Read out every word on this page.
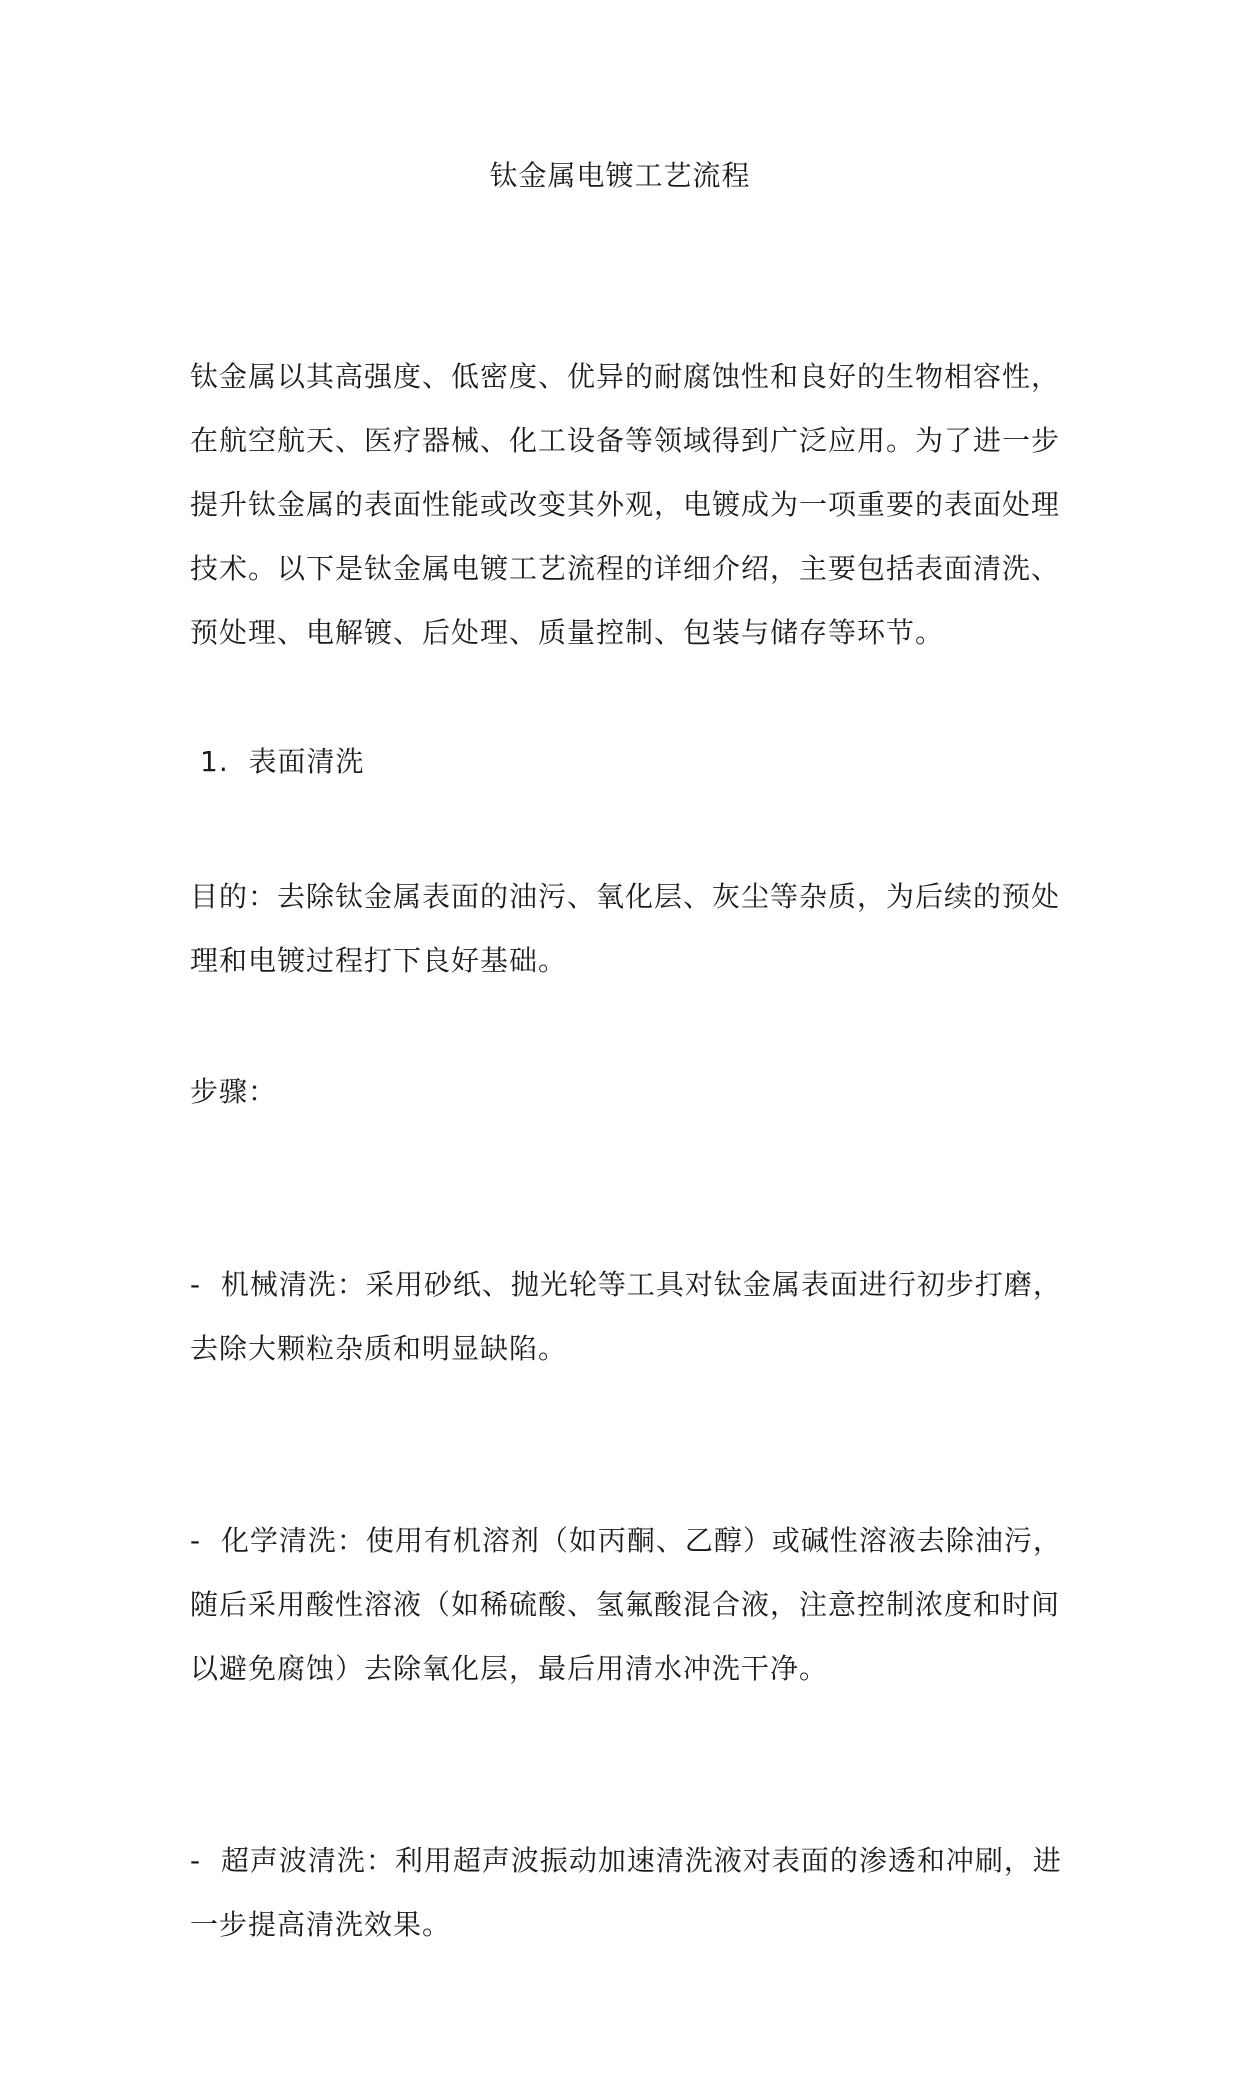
钛金属电镀工艺流程
钛金属以其高强度、低密度、优异的耐腐蚀性和良好的生物相容性，在航空航天、医疗器械、化工设备等领域得到广泛应用。为了进一步提升钛金属的表面性能或改变其外观，电镀成为一项重要的表面处理技术。以下是钛金属电镀工艺流程的详细介绍，主要包括表面清洗、预处理、电解镀、后处理、质量控制、包装与储存等环节。
1.  表面清洗
目的：去除钛金属表面的油污、氧化层、灰尘等杂质，为后续的预处理和电镀过程打下良好基础。
步骤：

-  机械清洗：采用砂纸、抛光轮等工具对钛金属表面进行初步打磨，去除大颗粒杂质和明显缺陷。

-  化学清洗：使用有机溶剂（如丙酮、乙醇）或碱性溶液去除油污，随后采用酸性溶液（如稀硫酸、氢氟酸混合液，注意控制浓度和时间以避免腐蚀）去除氧化层，最后用清水冲洗干净。

-  超声波清洗：利用超声波振动加速清洗液对表面的渗透和冲刷，进一步提高清洗效果。
